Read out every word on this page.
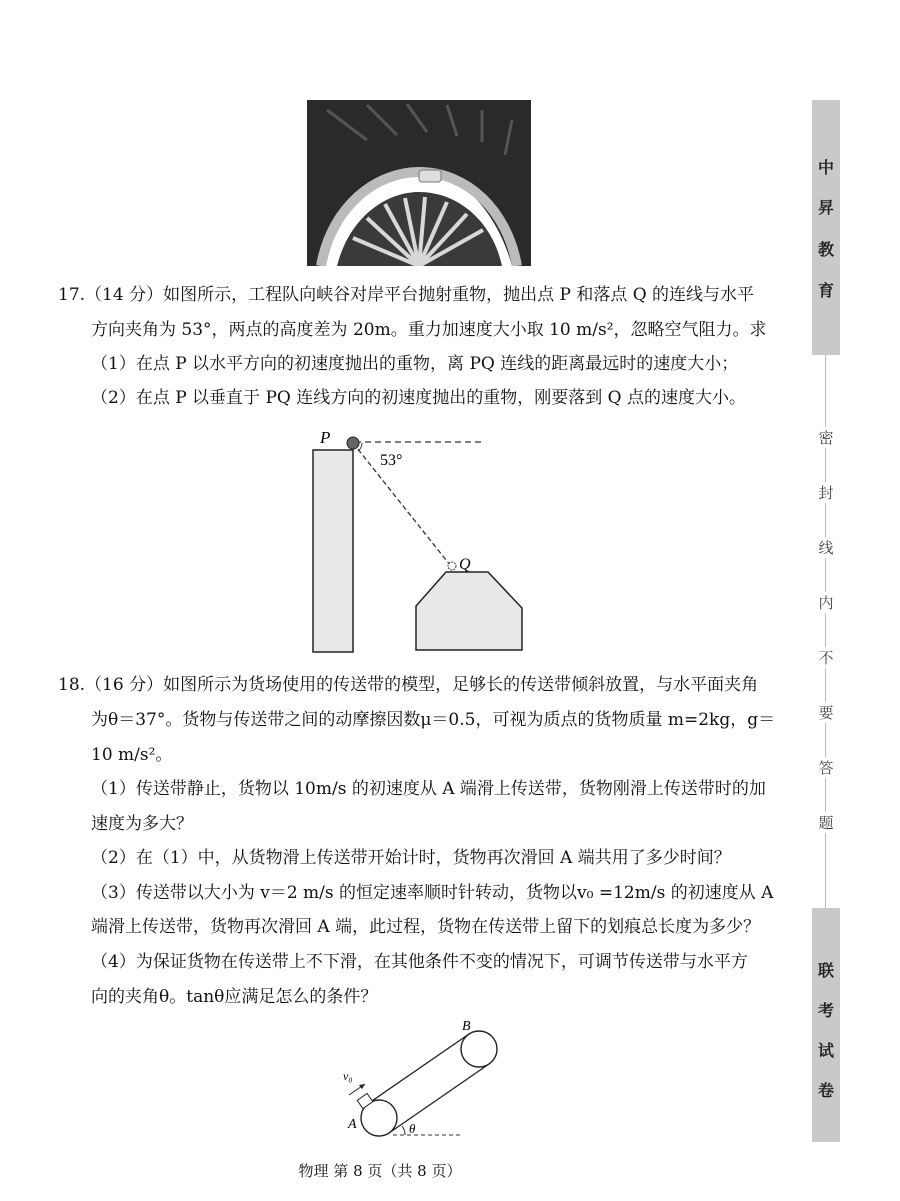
17.（14 分）如图所示，工程队向峡谷对岸平台抛射重物，抛出点 P 和落点 Q 的连线与水平
方向夹角为 53°，两点的高度差为 20m。重力加速度大小取 10 m/s²，忽略空气阻力。求
（1）在点 P 以水平方向的初速度抛出的重物，离 PQ 连线的距离最远时的速度大小；
（2）在点 P 以垂直于 PQ 连线方向的初速度抛出的重物，刚要落到 Q 点的速度大小。
P
Q
53°
18.（16 分）如图所示为货场使用的传送带的模型，足够长的传送带倾斜放置，与水平面夹角
为θ＝37°。货物与传送带之间的动摩擦因数μ＝0.5，可视为质点的货物质量 m=2kg，g＝
10 m/s²。
（1）传送带静止，货物以 10m/s 的初速度从 A 端滑上传送带，货物刚滑上传送带时的加
速度为多大？
（2）在（1）中，从货物滑上传送带开始计时，货物再次滑回 A 端共用了多少时间？
（3）传送带以大小为 v＝2 m/s 的恒定速率顺时针转动，货物以v₀ =12m/s 的初速度从 A
端滑上传送带，货物再次滑回 A 端，此过程，货物在传送带上留下的划痕总长度为多少？
（4）为保证货物在传送带上不下滑，在其他条件不变的情况下，可调节传送带与水平方
向的夹角θ。tanθ应满足怎么的条件？
v₀
A
B
θ
中
昇
教
育
密
封
线
内
不
要
答
题
联
考
试
卷
物理 第 8 页（共 8 页）
